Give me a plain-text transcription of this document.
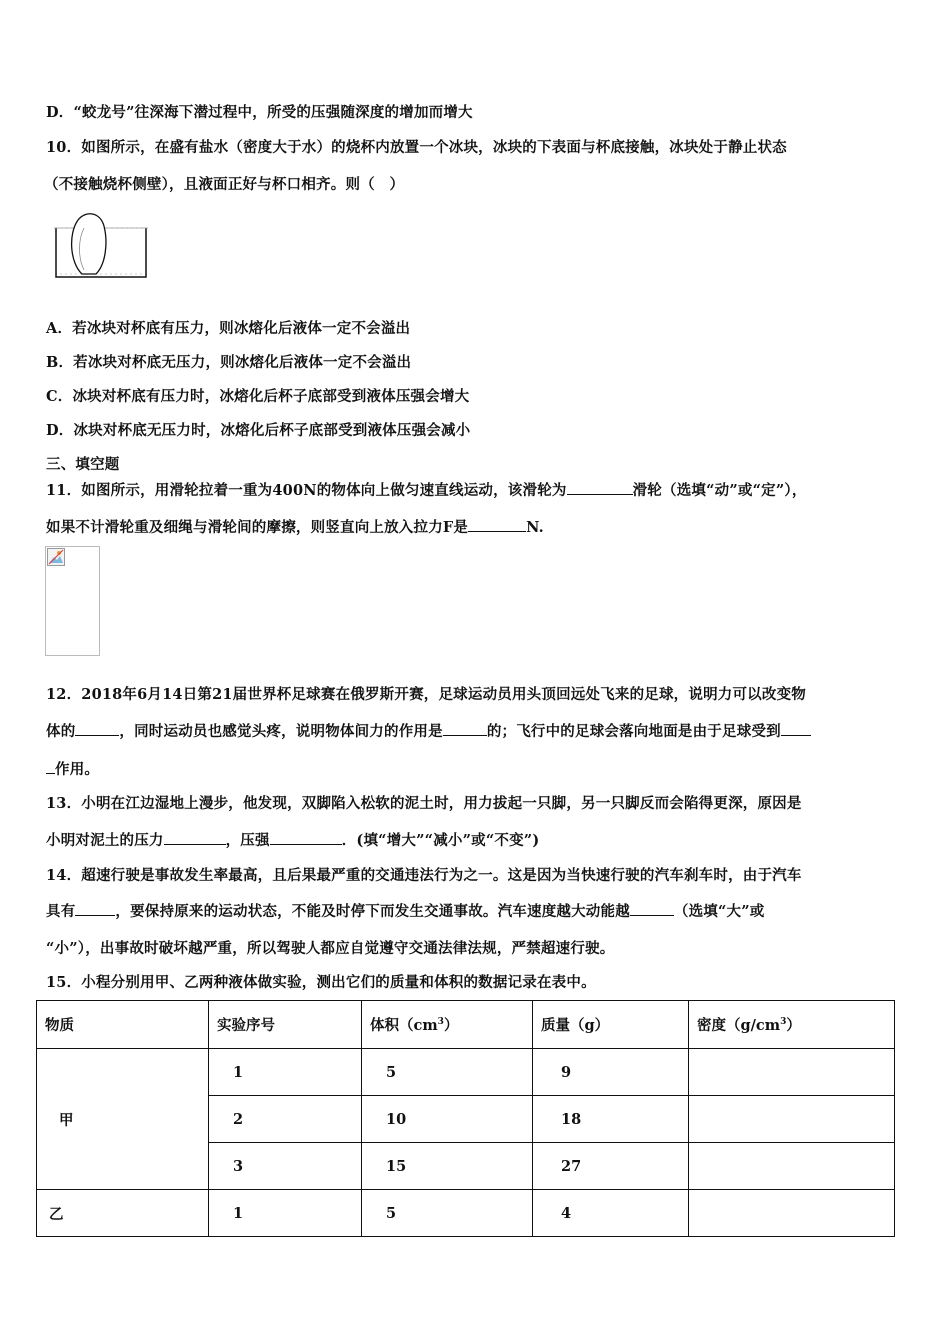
D．“蛟龙号”往深海下潜过程中，所受的压强随深度的增加而增大
10．如图所示，在盛有盐水（密度大于水）的烧杯内放置一个冰块，冰块的下表面与杯底接触，冰块处于静止状态
（不接触烧杯侧壁），且液面正好与杯口相齐。则（　）
A．若冰块对杯底有压力，则冰熔化后液体一定不会溢出
B．若冰块对杯底无压力，则冰熔化后液体一定不会溢出
C．冰块对杯底有压力时，冰熔化后杯子底部受到液体压强会增大
D．冰块对杯底无压力时，冰熔化后杯子底部受到液体压强会减小
三、填空题
11．如图所示，用滑轮拉着一重为400N的物体向上做匀速直线运动，该滑轮为	滑轮（选填“动”或“定”），
如果不计滑轮重及细绳与滑轮间的摩擦，则竖直向上放入拉力F是	N.
12．2018年6月14日第21届世界杯足球赛在俄罗斯开赛，足球运动员用头顶回远处飞来的足球，说明力可以改变物
体的	，同时运动员也感觉头疼，说明物体间力的作用是	的；飞行中的足球会落向地面是由于足球受到
作用。
13．小明在江边湿地上漫步，他发现，双脚陷入松软的泥土时，用力拔起一只脚，另一只脚反而会陷得更深，原因是
小明对泥土的压力	，压强	．(填“增大”“减小”或“不变”)
14．超速行驶是事故发生率最高，且后果最严重的交通违法行为之一。这是因为当快速行驶的汽车刹车时，由于汽车
具有	，要保持原来的运动状态，不能及时停下而发生交通事故。汽车速度越大动能越	（选填“大”或
“小”），出事故时破坏越严重，所以驾驶人都应自觉遵守交通法律法规，严禁超速行驶。
15．小程分别用甲、乙两种液体做实验，测出它们的质量和体积的数据记录在表中。
物质	实验序号	体积$(cm^3)$	质量（g）	密度$(g/cm^3)$
甲	1	5	9	
	2	10	18	
	3	15	27	
乙	1	5	4	
